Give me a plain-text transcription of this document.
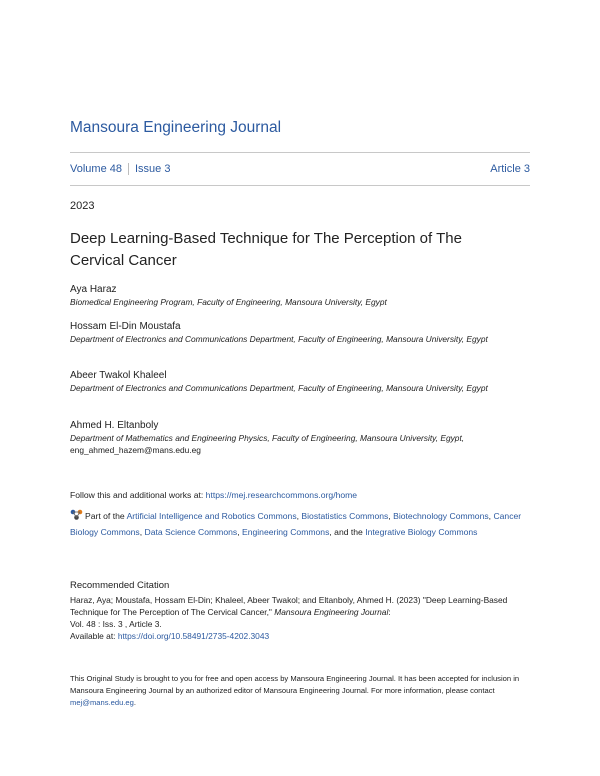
Mansoura Engineering Journal
Volume 48 Issue 3	Article 3
2023
Deep Learning-Based Technique for The Perception of The Cervical Cancer
Aya Haraz
Biomedical Engineering Program, Faculty of Engineering, Mansoura University, Egypt
Hossam El-Din Moustafa
Department of Electronics and Communications Department, Faculty of Engineering, Mansoura University, Egypt
Abeer Twakol Khaleel
Department of Electronics and Communications Department, Faculty of Engineering, Mansoura University, Egypt
Ahmed H. Eltanboly
Department of Mathematics and Engineering Physics, Faculty of Engineering, Mansoura University, Egypt,
eng_ahmed_hazem@mans.edu.eg
Follow this and additional works at: https://mej.researchcommons.org/home
Part of the Artificial Intelligence and Robotics Commons, Biostatistics Commons, Biotechnology Commons, Cancer Biology Commons, Data Science Commons, Engineering Commons, and the Integrative Biology Commons
Recommended Citation
Haraz, Aya; Moustafa, Hossam El-Din; Khaleel, Abeer Twakol; and Eltanboly, Ahmed H. (2023) "Deep Learning-Based Technique for The Perception of The Cervical Cancer," Mansoura Engineering Journal:
Vol. 48 : Iss. 3 , Article 3.
Available at: https://doi.org/10.58491/2735-4202.3043
This Original Study is brought to you for free and open access by Mansoura Engineering Journal. It has been accepted for inclusion in Mansoura Engineering Journal by an authorized editor of Mansoura Engineering Journal. For more information, please contact mej@mans.edu.eg.
